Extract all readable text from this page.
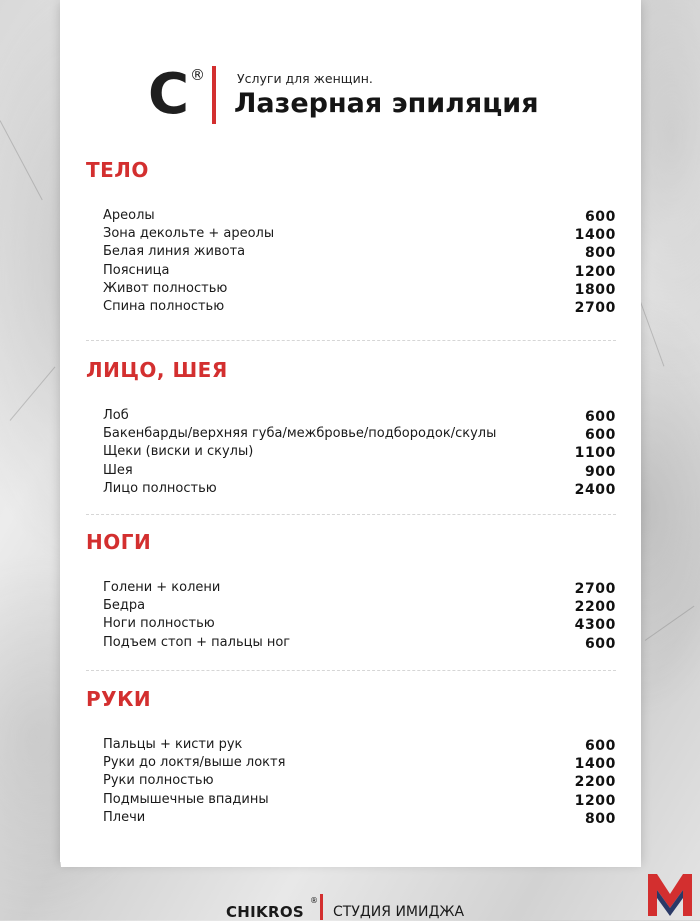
C ®	Услуги для женщин.
Лазерная эпиляция
ТЕЛО
Ареолы	600
Зона декольте + ареолы	1400
Белая линия живота	800
Поясница	1200
Живот полностью	1800
Спина полностью	2700
ЛИЦО, ШЕЯ
Лоб	600
Бакенбарды/верхняя губа/межбровье/подбородок/скулы	600
Щеки (виски и скулы)	1100
Шея	900
Лицо полностью	2400
НОГИ
Голени + колени	2700
Бедра	2200
Ноги полностью	4300
Подъем стоп + пальцы ног	600
РУКИ
Пальцы + кисти рук	600
Руки до локтя/выше локтя	1400
Руки полностью	2200
Подмышечные впадины	1200
Плечи	800
CHIKROS
®
СТУДИЯ ИМИДЖА
